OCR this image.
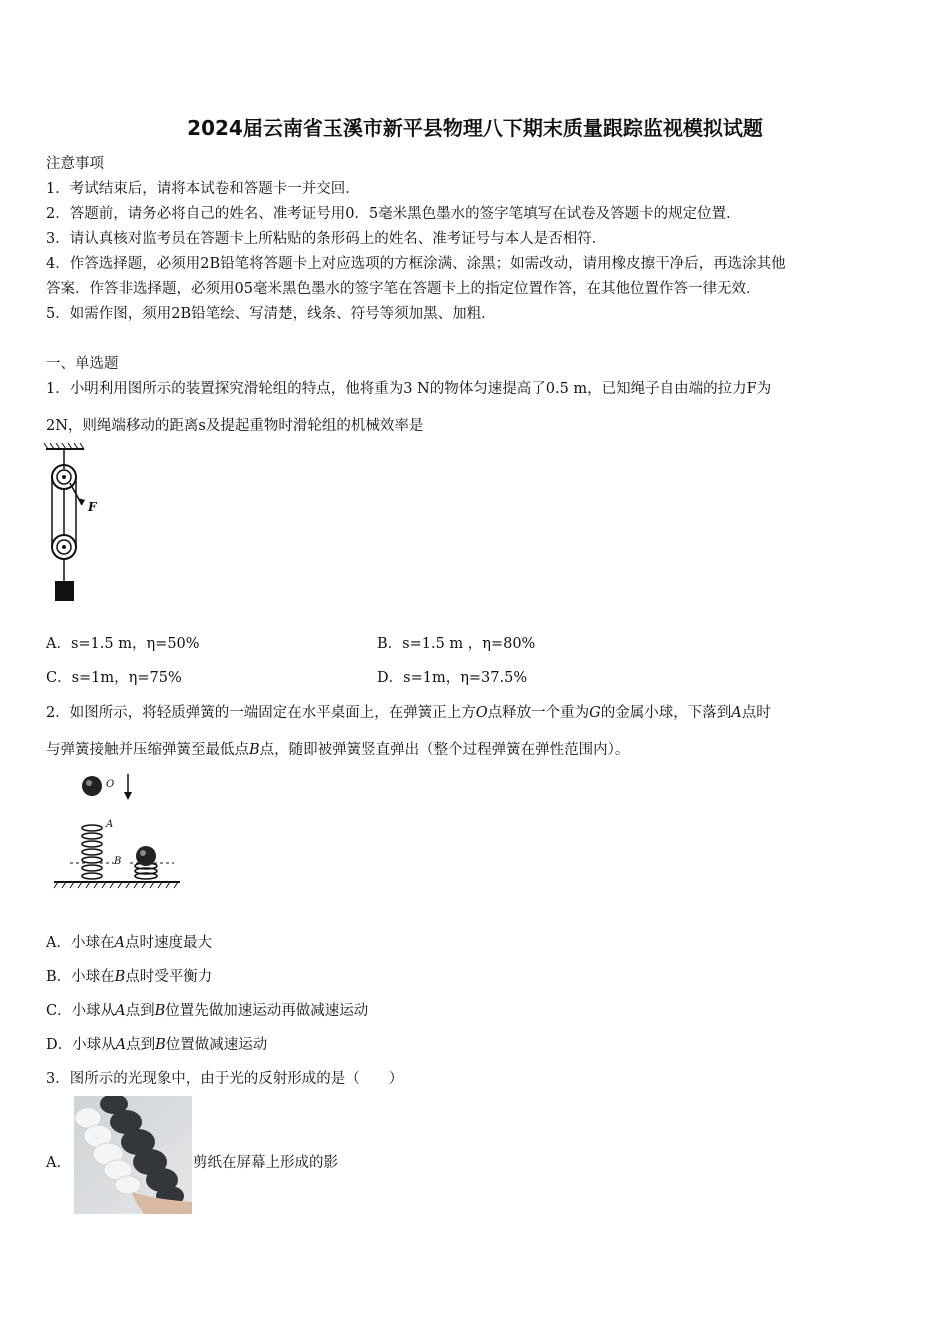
2024届云南省玉溪市新平县物理八下期末质量跟踪监视模拟试题
注意事项
1．考试结束后，请将本试卷和答题卡一并交回．
2．答题前，请务必将自己的姓名、准考证号用0．5毫米黑色墨水的签字笔填写在试卷及答题卡的规定位置．
3．请认真核对监考员在答题卡上所粘贴的条形码上的姓名、准考证号与本人是否相符．
4．作答选择题，必须用2B铅笔将答题卡上对应选项的方框涂满、涂黑；如需改动，请用橡皮擦干净后，再选涂其他
答案．作答非选择题，必须用05毫米黑色墨水的签字笔在答题卡上的指定位置作答，在其他位置作答一律无效．
5．如需作图，须用2B铅笔绘、写清楚，线条、符号等须加黑、加粗．
一、单选题
1．小明利用图所示的装置探究滑轮组的特点，他将重为3 N的物体匀速提高了0.5 m，已知绳子自由端的拉力F为
2N，则绳端移动的距离s及提起重物时滑轮组的机械效率是
F
A．s=1.5 m，η=50%	B．s=1.5 m ，η=80%
C．s=1m，η=75%	D．s=1m，η=37.5%
2．如图所示，将轻质弹簧的一端固定在水平桌面上，在弹簧正上方O点释放一个重为G的金属小球，下落到A点时
与弹簧接触并压缩弹簧至最低点B点，随即被弹簧竖直弹出（整个过程弹簧在弹性范围内）。
O
A
B
A．小球在A点时速度最大
B．小球在B点时受平衡力
C．小球从A点到B位置先做加速运动再做减速运动
D．小球从A点到B位置做减速运动
3．图所示的光现象中，由于光的反射形成的是（　　）
A．	剪纸在屏幕上形成的影
